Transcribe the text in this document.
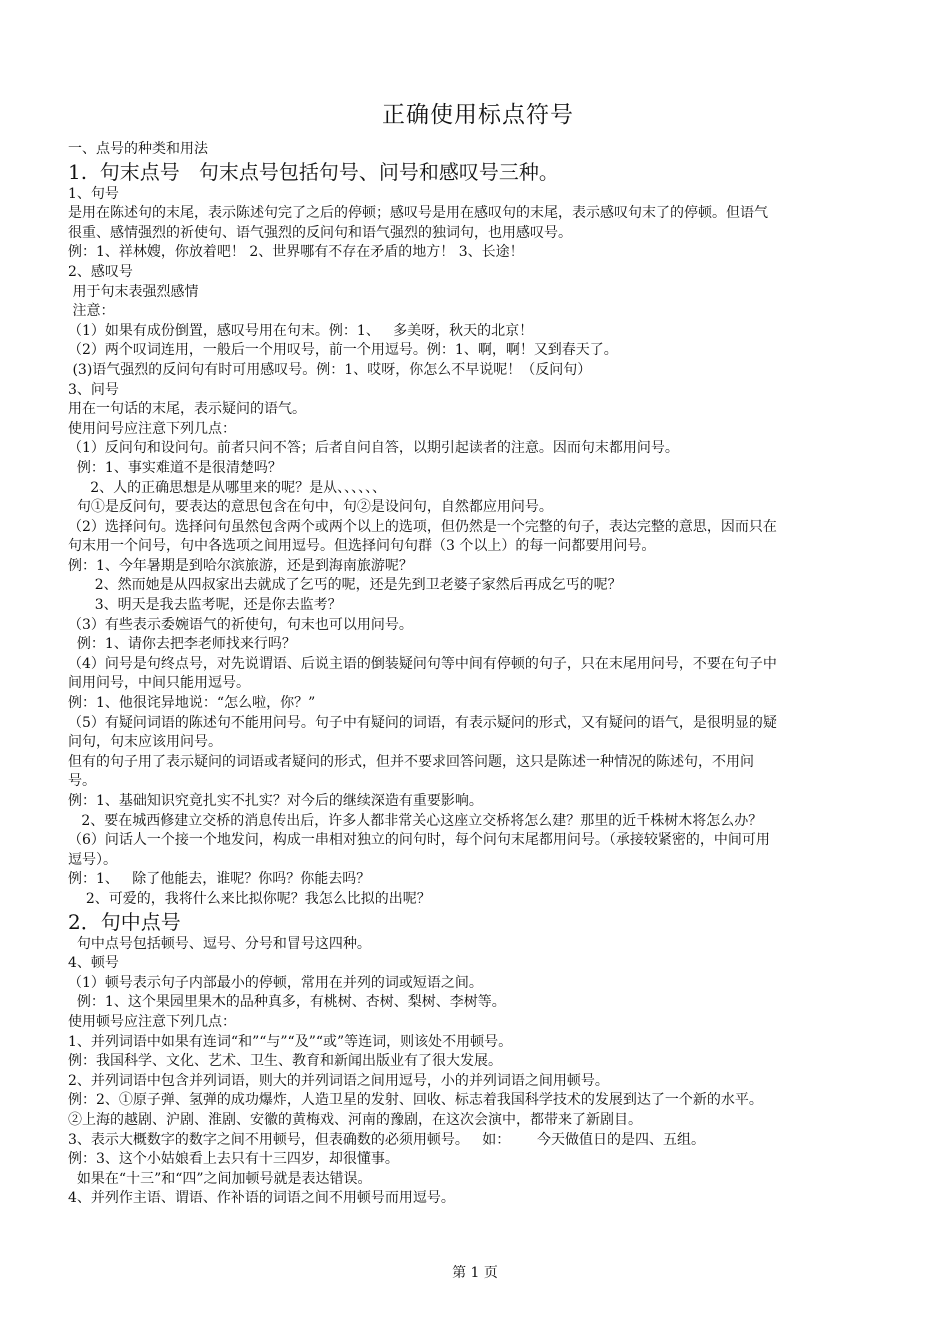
正确使用标点符号

一、点号的种类和用法

1.  句末点号   句末点号包括句号、问号和感叹号三种。

1、句号

是用在陈述句的末尾，表示陈述句完了之后的停顿；感叹号是用在感叹句的末尾，表示感叹句末了的停顿。但语气

很重、感情强烈的祈使句、语气强烈的反问句和语气强烈的独词句，也用感叹号。

例：1、祥林嫂，你放着吧！ 2、世界哪有不存在矛盾的地方！ 3、长途！

2、感叹号

用于句末表强烈感情

注意：

（1）如果有成份倒置，感叹号用在句末。例：1、   多美呀，秋天的北京！

（2）两个叹词连用，一般后一个用叹号，前一个用逗号。例：1、啊，啊！又到春天了。

(3)语气强烈的反问句有时可用感叹号。例：1、哎呀，你怎么不早说呢！（反问句）

3、问号

用在一句话的末尾，表示疑问的语气。

使用问号应注意下列几点：

（1）反问句和设问句。前者只问不答；后者自问自答，以期引起读者的注意。因而句末都用问号。

例：1、事实难道不是很清楚吗？

2、人的正确思想是从哪里来的呢？是从、、、、、、

句①是反问句，要表达的意思包含在句中，句②是设问句，自然都应用问号。

（2）选择问句。选择问句虽然包含两个或两个以上的选项，但仍然是一个完整的句子，表达完整的意思，因而只在

句末用一个问号，句中各选项之间用逗号。但选择问句句群（3 个以上）的每一问都要用问号。

例：1、今年暑期是到哈尔滨旅游，还是到海南旅游呢？

2、然而她是从四叔家出去就成了乞丐的呢，还是先到卫老婆子家然后再成乞丐的呢？

3、明天是我去监考呢，还是你去监考？

（3）有些表示委婉语气的祈使句，句末也可以用问号。

例：1、请你去把李老师找来行吗？

（4）问号是句终点号，对先说谓语、后说主语的倒装疑问句等中间有停顿的句子，只在末尾用问号，不要在句子中

间用问号，中间只能用逗号。

例：1、他很诧异地说：“怎么啦，你？”

（5）有疑问词语的陈述句不能用问号。句子中有疑问的词语，有表示疑问的形式，又有疑问的语气，是很明显的疑

问句，句末应该用问号。

但有的句子用了表示疑问的词语或者疑问的形式，但并不要求回答问题，这只是陈述一种情况的陈述句，不用问

号。

例：1、基础知识究竟扎实不扎实？对今后的继续深造有重要影响。

2、要在城西修建立交桥的消息传出后，许多人都非常关心这座立交桥将怎么建？那里的近千株树木将怎么办？

（6）问话人一个接一个地发问，构成一串相对独立的问句时，每个问句末尾都用问号。（承接较紧密的，中间可用

逗号）。

例：1、   除了他能去，谁呢？你吗？你能去吗？

2、可爱的，我将什么来比拟你呢？我怎么比拟的出呢？

2．句中点号

句中点号包括顿号、逗号、分号和冒号这四种。

4、顿号

（1）顿号表示句子内部最小的停顿，常用在并列的词或短语之间。

例：1、这个果园里果木的品种真多，有桃树、杏树、梨树、李树等。

使用顿号应注意下列几点：

1、并列词语中如果有连词“和”“与”“及”“或”等连词，则该处不用顿号。

例：我国科学、文化、艺术、卫生、教育和新闻出版业有了很大发展。

2、并列词语中包含并列词语，则大的并列词语之间用逗号，小的并列词语之间用顿号。

例：2、①原子弹、氢弹的成功爆炸，人造卫星的发射、回收、标志着我国科学技术的发展到达了一个新的水平。

②上海的越剧、沪剧、淮剧、安徽的黄梅戏、河南的豫剧，在这次会演中，都带来了新剧目。

3、表示大概数字的数字之间不用顿号，但表确数的必须用顿号。   如：      今天做值日的是四、五组。

例：3、这个小姑娘看上去只有十三四岁，却很懂事。

如果在“十三”和“四”之间加顿号就是表达错误。

4、并列作主语、谓语、作补语的词语之间不用顿号而用逗号。

第 1 页
